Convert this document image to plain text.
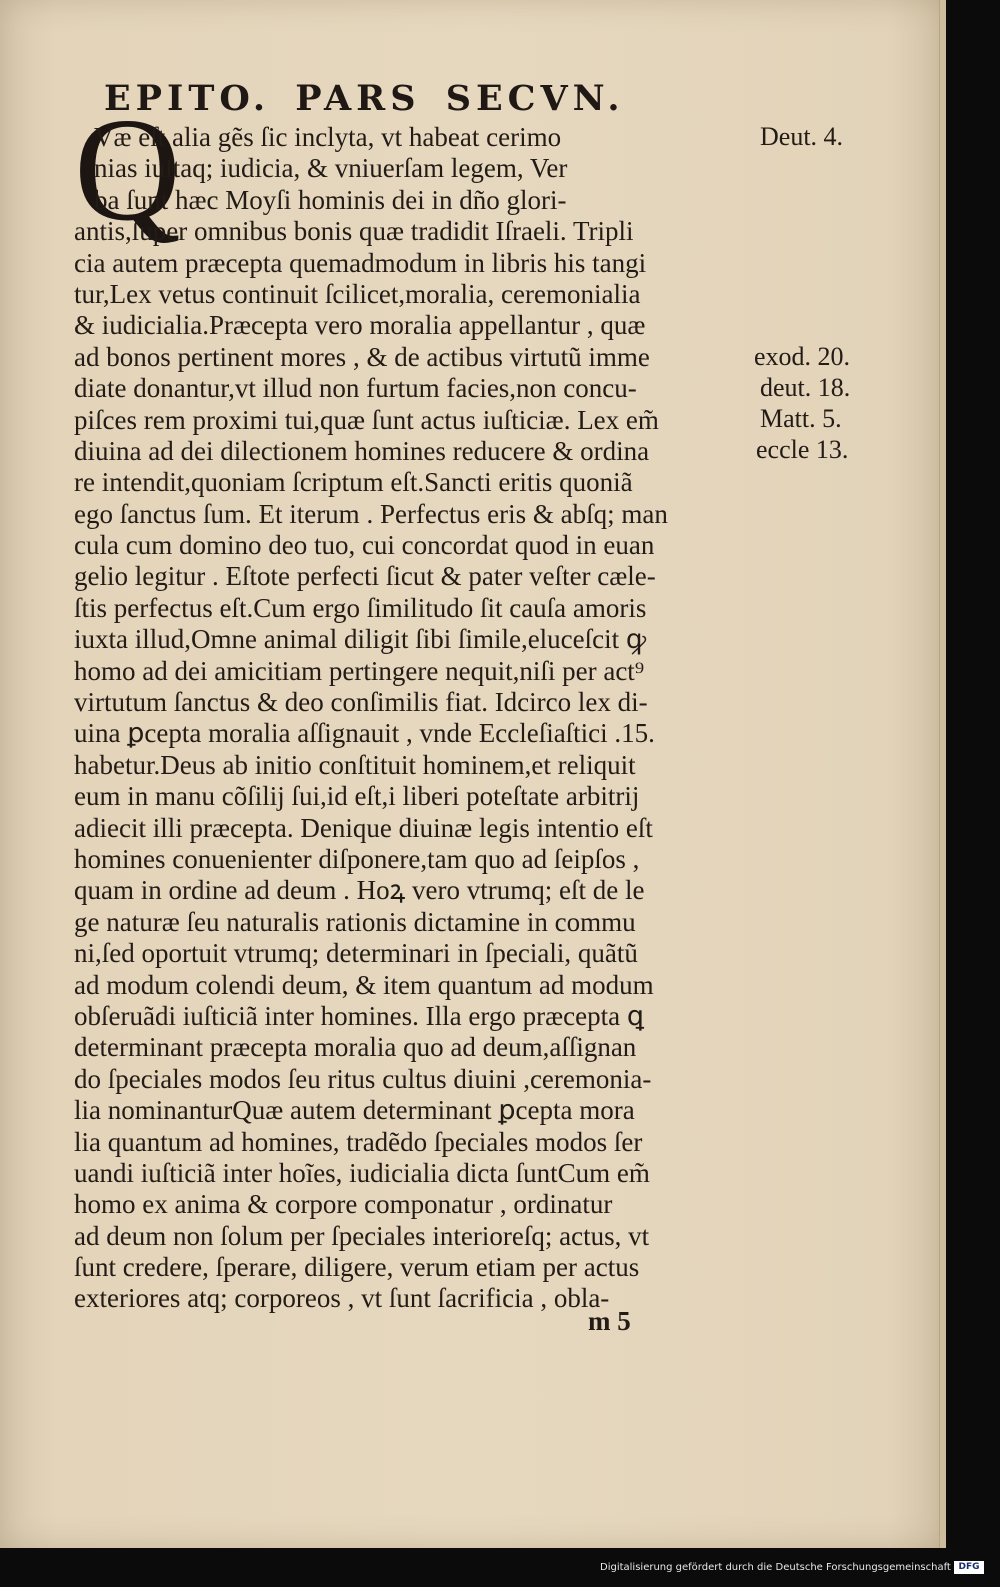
EPITO. PARS SECVN.
Q
Væ eſt alia gẽs ſic inclyta, vt habeat cerimo
nias iuſtaq; iudicia, & vniuerſam legem, Ver
ba ſunt hæc Moyſi hominis dei in dño glori-
antis,ſuper omnibus bonis quæ tradidit Iſraeli. Tripli
cia autem præcepta quemadmodum in libris his tangi
tur,Lex vetus continuit ſcilicet,moralia, ceremonialia
& iudicialia.Præcepta vero moralia appellantur , quæ
ad bonos pertinent mores , & de actibus virtutũ imme
diate donantur,vt illud non furtum facies,non concu-
piſces rem proximi tui,quæ ſunt actus iuſticiæ. Lex em̃
diuina ad dei dilectionem homines reducere & ordina
re intendit,quoniam ſcriptum eſt.Sancti eritis quoniã
ego ſanctus ſum. Et iterum . Perfectus eris & abſq; man
cula cum domino deo tuo, cui concordat quod in euan
gelio legitur . Eſtote perfecti ſicut & pater veſter cæle-
ſtis perfectus eſt.Cum ergo ſimilitudo ſit cauſa amoris
iuxta illud,Omne animal diligit ſibi ſimile,eluceſcit ꝙ
homo ad dei amicitiam pertingere nequit,niſi per act⁹
virtutum ſanctus & deo conſimilis fiat. Idcirco lex di-
uina ꝑcepta moralia aſſignauit , vnde Eccleſiaſtici .15.
habetur.Deus ab initio conſtituit hominem,et reliquit
eum in manu cõſilij ſui,id eſt,i liberi poteſtate arbitrij
adiecit illi præcepta. Denique diuinæ legis intentio eſt
homines conuenienter diſponere,tam quo ad ſeipſos ,
quam in ordine ad deum . Hoꝝ vero vtrumq; eſt de le
ge naturæ ſeu naturalis rationis dictamine in commu
ni,ſed oportuit vtrumq; determinari in ſpeciali, quãtũ
ad modum colendi deum, & item quantum ad modum
obſeruãdi iuſticiã inter homines. Illa ergo præcepta ꝗ
determinant præcepta moralia quo ad deum,aſſignan
do ſpeciales modos ſeu ritus cultus diuini ,ceremonia-
lia nominanturQuæ autem determinant ꝑcepta mora
lia quantum ad homines, tradẽdo ſpeciales modos ſer
uandi iuſticiã inter hoĩes, iudicialia dicta ſuntCum em̃
homo ex anima & corpore componatur , ordinatur
ad deum non ſolum per ſpeciales interioreſq; actus, vt
ſunt credere, ſperare, diligere, verum etiam per actus
exteriores atq; corporeos , vt ſunt ſacrificia , obla-
Deut. 4.
exod. 20.
deut. 18.
Matt. 5.
eccle 13.
m 5
Digitalisierung gefördert durch die Deutsche Forschungsgemeinschaft DFG
